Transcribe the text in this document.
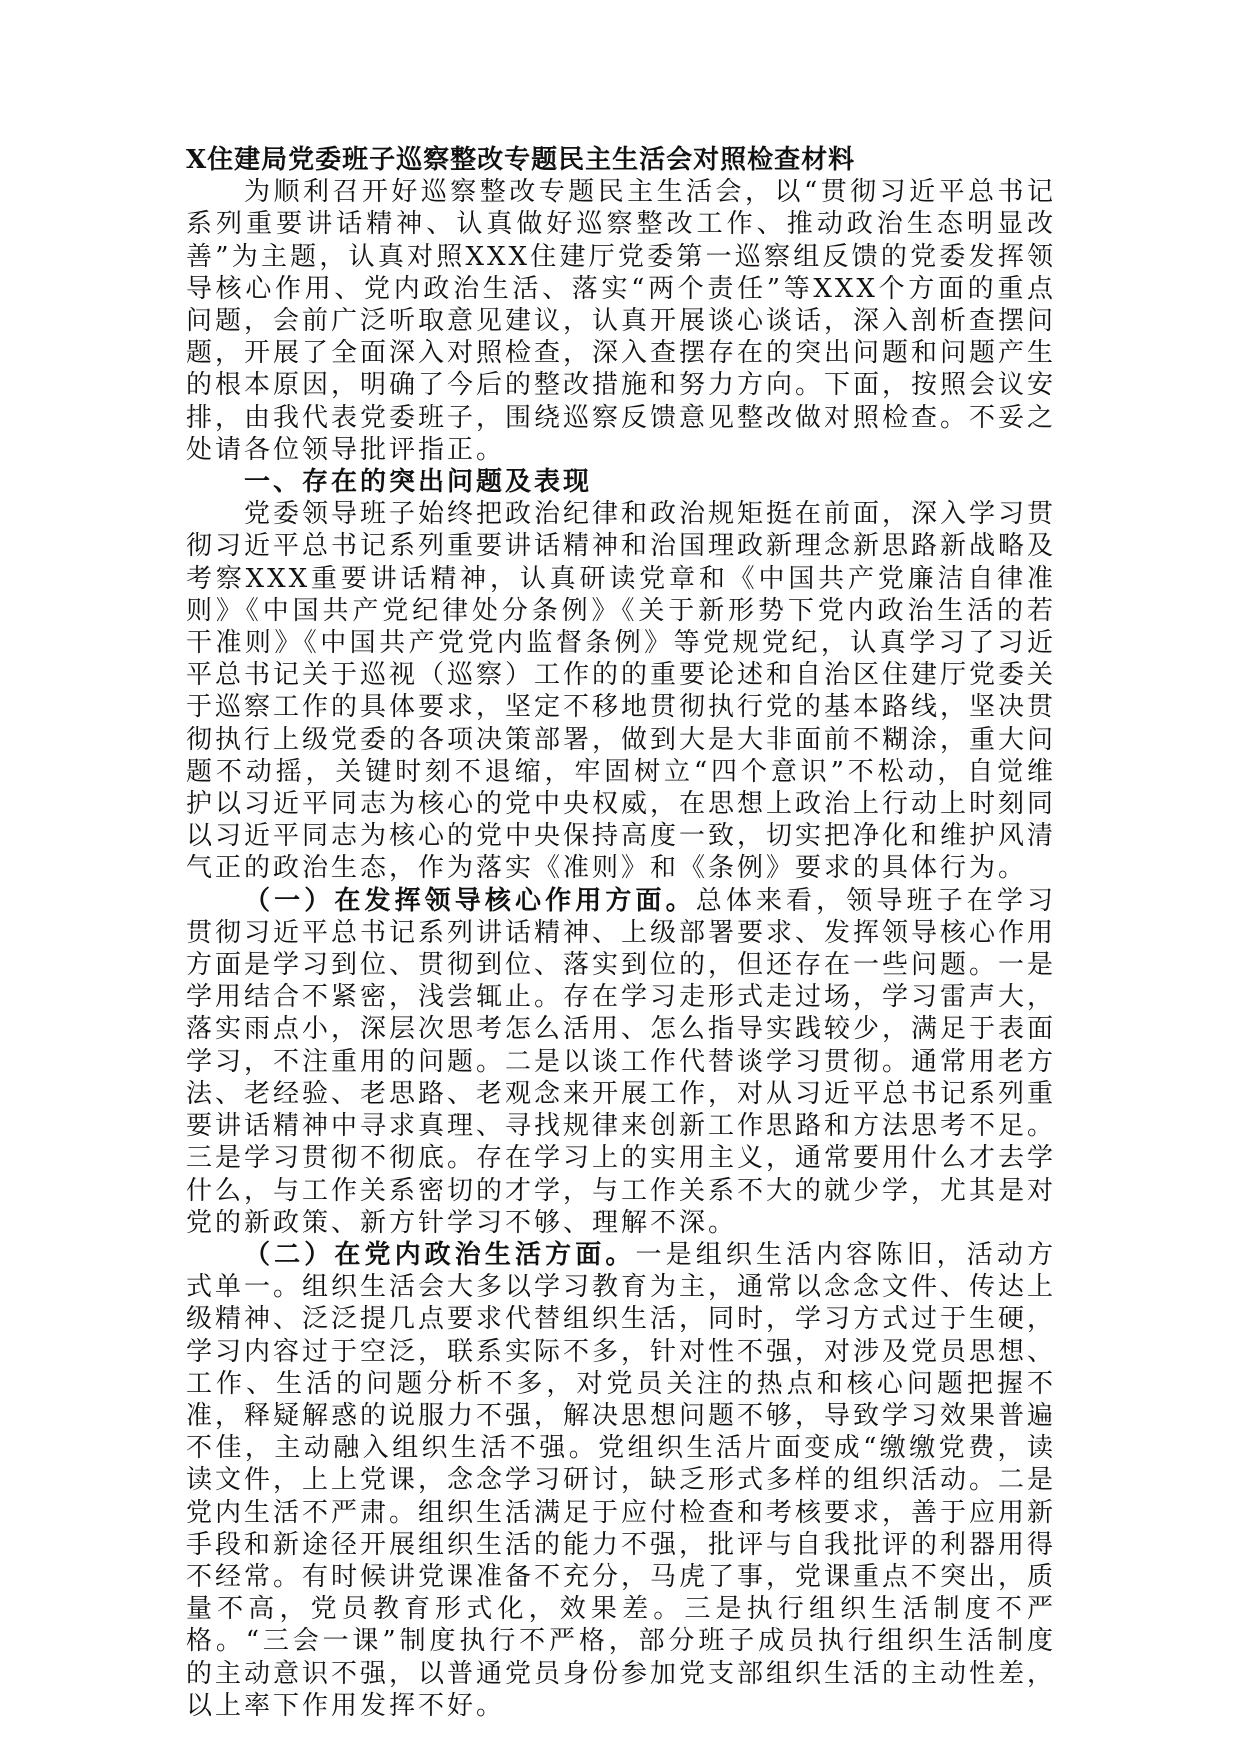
X住建局党委班子巡察整改专题民主生活会对照检查材料

为顺利召开好巡察整改专题民主生活会，以“贯彻习近平总书记系列重要讲话精神、认真做好巡察整改工作、推动政治生态明显改善”为主题，认真对照XXX住建厅党委第一巡察组反馈的党委发挥领导核心作用、党内政治生活、落实“两个责任”等XXX个方面的重点问题，会前广泛听取意见建议，认真开展谈心谈话，深入剖析查摆问题，开展了全面深入对照检查，深入查摆存在的突出问题和问题产生的根本原因，明确了今后的整改措施和努力方向。下面，按照会议安排，由我代表党委班子，围绕巡察反馈意见整改做对照检查。不妥之处请各位领导批评指正。

一、存在的突出问题及表现

党委领导班子始终把政治纪律和政治规矩挺在前面，深入学习贯彻习近平总书记系列重要讲话精神和治国理政新理念新思路新战略及考察XXX重要讲话精神，认真研读党章和《中国共产党廉洁自律准则》《中国共产党纪律处分条例》《关于新形势下党内政治生活的若干准则》《中国共产党党内监督条例》等党规党纪，认真学习了习近平总书记关于巡视（巡察）工作的的重要论述和自治区住建厅党委关于巡察工作的具体要求，坚定不移地贯彻执行党的基本路线，坚决贯彻执行上级党委的各项决策部署，做到大是大非面前不糊涂，重大问题不动摇，关键时刻不退缩，牢固树立“四个意识”不松动，自觉维护以习近平同志为核心的党中央权威，在思想上政治上行动上时刻同以习近平同志为核心的党中央保持高度一致，切实把净化和维护风清气正的政治生态，作为落实《准则》和《条例》要求的具体行为。

（一）在发挥领导核心作用方面。总体来看，领导班子在学习贯彻习近平总书记系列讲话精神、上级部署要求、发挥领导核心作用方面是学习到位、贯彻到位、落实到位的，但还存在一些问题。一是学用结合不紧密，浅尝辄止。存在学习走形式走过场，学习雷声大，落实雨点小，深层次思考怎么活用、怎么指导实践较少，满足于表面学习，不注重用的问题。二是以谈工作代替谈学习贯彻。通常用老方法、老经验、老思路、老观念来开展工作，对从习近平总书记系列重要讲话精神中寻求真理、寻找规律来创新工作思路和方法思考不足。三是学习贯彻不彻底。存在学习上的实用主义，通常要用什么才去学什么，与工作关系密切的才学，与工作关系不大的就少学，尤其是对党的新政策、新方针学习不够、理解不深。

（二）在党内政治生活方面。一是组织生活内容陈旧，活动方式单一。组织生活会大多以学习教育为主，通常以念念文件、传达上级精神、泛泛提几点要求代替组织生活，同时，学习方式过于生硬，学习内容过于空泛，联系实际不多，针对性不强，对涉及党员思想、工作、生活的问题分析不多，对党员关注的热点和核心问题把握不准，释疑解惑的说服力不强，解决思想问题不够，导致学习效果普遍不佳，主动融入组织生活不强。党组织生活片面变成“缴缴党费，读读文件，上上党课，念念学习研讨，缺乏形式多样的组织活动。二是党内生活不严肃。组织生活满足于应付检查和考核要求，善于应用新手段和新途径开展组织生活的能力不强，批评与自我批评的利器用得不经常。有时候讲党课准备不充分，马虎了事，党课重点不突出，质量不高，党员教育形式化，效果差。三是执行组织生活制度不严格。“三会一课”制度执行不严格，部分班子成员执行组织生活制度的主动意识不强，以普通党员身份参加党支部组织生活的主动性差，以上率下作用发挥不好。
